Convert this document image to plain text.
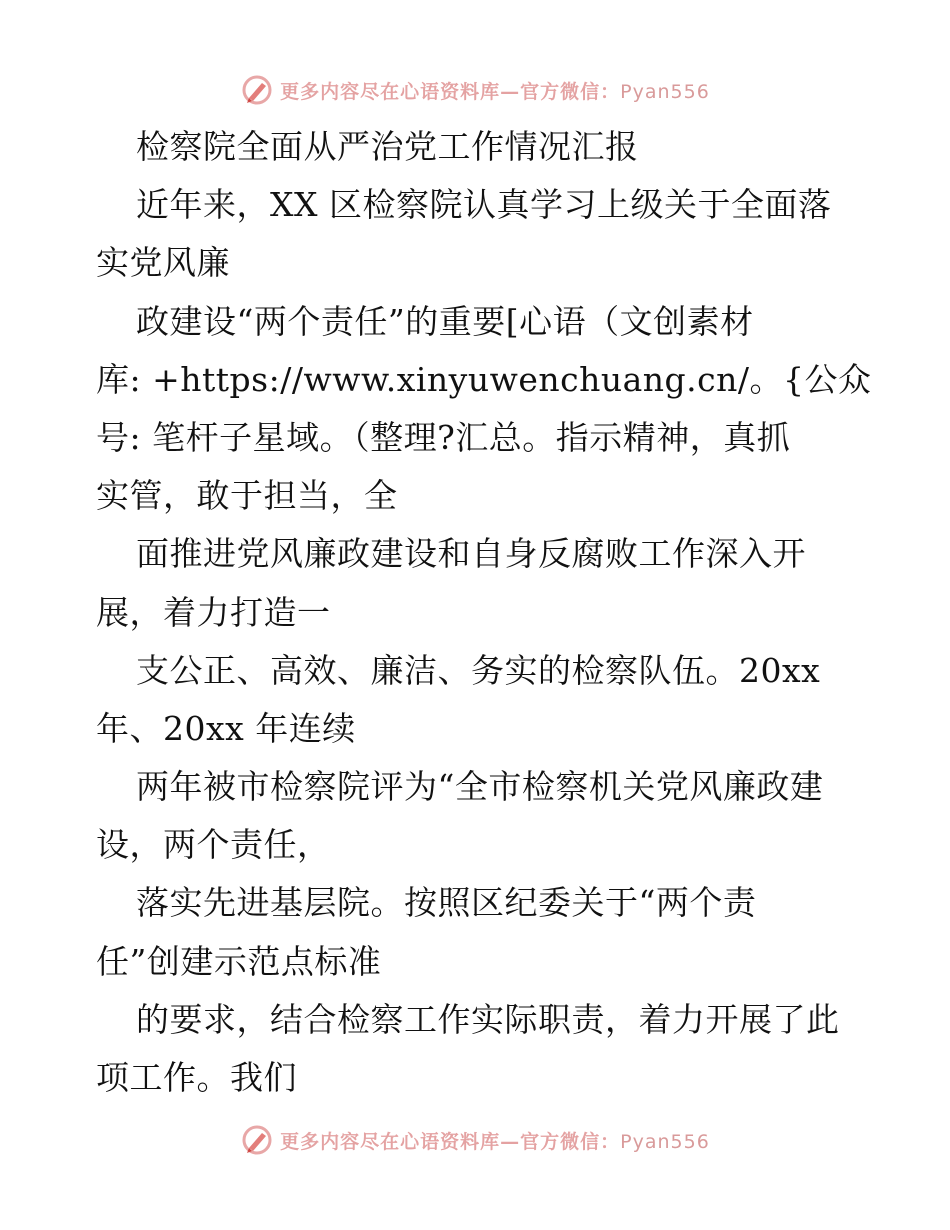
更多内容尽在心语资料库—官方微信：Pyan556
检察院全面从严治党工作情况汇报
近年来，XX 区检察院认真学习上级关于全面落
实党风廉
政建设“两个责任”的重要[心语（文创素材
库: +https://www.xinyuwenchuang.cn/。{公众
号: 笔杆子星域。（整理?汇总。指示精神，真抓
实管，敢于担当，全
面推进党风廉政建设和自身反腐败工作深入开
展，着力打造一
支公正、高效、廉洁、务实的检察队伍。20xx
年、20xx 年连续
两年被市检察院评为“全市检察机关党风廉政建
设，两个责任，
落实先进基层院。按照区纪委关于“两个责
任”创建示范点标准
的要求，结合检察工作实际职责，着力开展了此
项工作。我们
更多内容尽在心语资料库—官方微信：Pyan556
